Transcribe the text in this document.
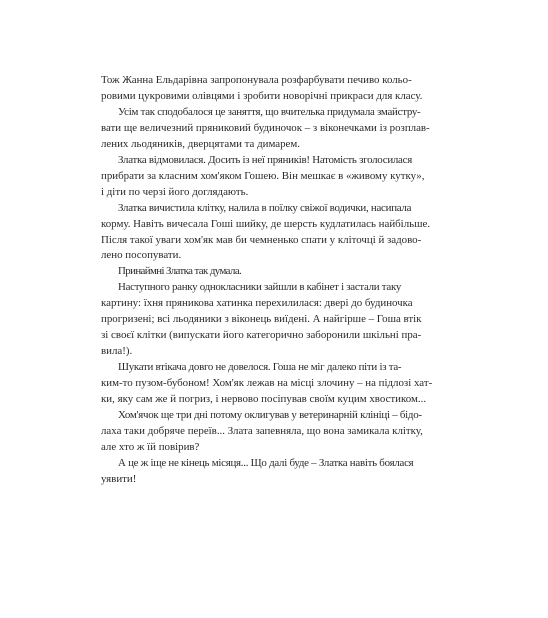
Тож Жанна Ельдарівна запропонувала розфарбувати печиво кольо-
ровими цукровими олівцями і зробити новорічні прикраси для класу.
Усім так сподобалося це заняття, що вчителька придумала змайстру-
вати ще величезний пряниковий будиночок – з віконечками із розплав-
лених льодяників, дверцятами та димарем.
Златка відмовилася. Досить із неї пряників! Натомість зголосилася
прибрати за класним хом'яком Гошею. Він мешкає в «живому кутку»,
і діти по черзі його доглядають.
Златка вичистила клітку, налила в поїлку свіжої водички, насипала
корму. Навіть вичесала Гоші шийку, де шерсть кудлатилась найбільше.
Після такої уваги хом'як мав би чемненько спати у кліточці й задово-
лено посопувати.
Принаймні Златка так думала.
Наступного ранку однокласники зайшли в кабінет і застали таку
картину: їхня пряникова хатинка перехилилася: двері до будиночка
прогризені; всі льодяники з віконець виїдені. А найгірше – Гоша втік
зі своєї клітки (випускати його категорично заборонили шкільні пра-
вила!).
Шукати втікача довго не довелося. Гоша не міг далеко піти із та-
ким-то пузом-бубоном! Хом'як лежав на місці злочину – на підлозі хат-
ки, яку сам же й погриз, і нервово посіпував своїм куцим хвостиком...
Хом'ячок ще три дні потому оклигував у ветеринарній клініці – бідо-
лаха таки добряче переїв... Злата запевняла, що вона замикала клітку,
але хто ж їй повірив?
А це ж іще не кінець місяця... Що далі буде – Златка навіть боялася
уявити!
